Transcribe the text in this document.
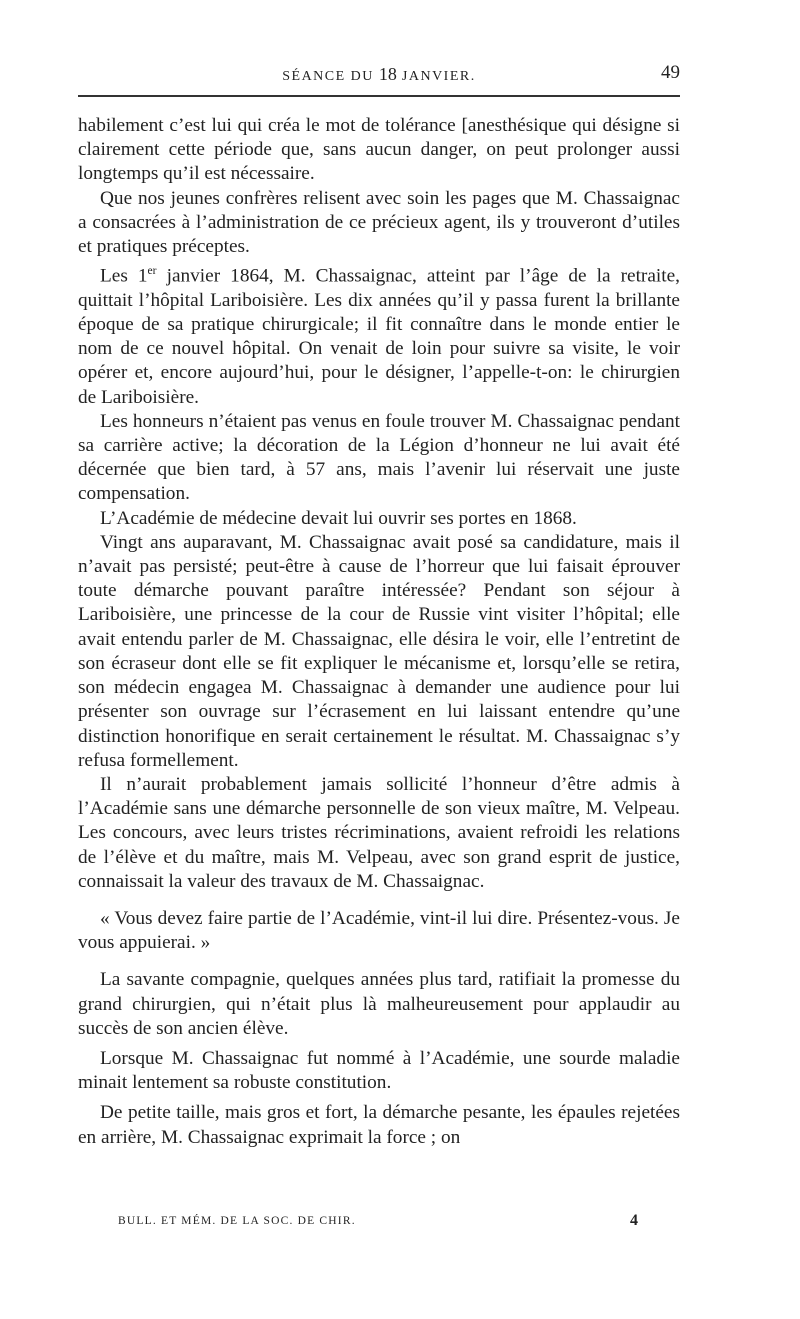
SÉANCE DU 18 JANVIER.	49

habilement c’est lui qui créa le mot de tolérance [anesthésique qui désigne si clairement cette période que, sans aucun danger, on peut prolonger aussi longtemps qu’il est nécessaire.

Que nos jeunes confrères relisent avec soin les pages que M. Chassaignac a consacrées à l’administration de ce précieux agent, ils y trouveront d’utiles et pratiques préceptes.

Les 1er janvier 1864, M. Chassaignac, atteint par l’âge de la retraite, quittait l’hôpital Lariboisière. Les dix années qu’il y passa furent la brillante époque de sa pratique chirurgicale; il fit connaître dans le monde entier le nom de ce nouvel hôpital. On venait de loin pour suivre sa visite, le voir opérer et, encore aujourd’hui, pour le désigner, l’appelle-t-on: le chirurgien de Lariboisière.

Les honneurs n’étaient pas venus en foule trouver M. Chassaignac pendant sa carrière active; la décoration de la Légion d’honneur ne lui avait été décernée que bien tard, à 57 ans, mais l’avenir lui réservait une juste compensation.

L’Académie de médecine devait lui ouvrir ses portes en 1868.

Vingt ans auparavant, M. Chassaignac avait posé sa candidature, mais il n’avait pas persisté; peut-être à cause de l’horreur que lui faisait éprouver toute démarche pouvant paraître intéressée? Pendant son séjour à Lariboisière, une princesse de la cour de Russie vint visiter l’hôpital; elle avait entendu parler de M. Chassaignac, elle désira le voir, elle l’entretint de son écraseur dont elle se fit expliquer le mécanisme et, lorsqu’elle se retira, son médecin engagea M. Chassaignac à demander une audience pour lui présenter son ouvrage sur l’écrasement en lui laissant entendre qu’une distinction honorifique en serait certainement le résultat. M. Chassaignac s’y refusa formellement.

Il n’aurait probablement jamais sollicité l’honneur d’être admis à l’Académie sans une démarche personnelle de son vieux maître, M. Velpeau. Les concours, avec leurs tristes récriminations, avaient refroidi les relations de l’élève et du maître, mais M. Velpeau, avec son grand esprit de justice, connaissait la valeur des travaux de M. Chassaignac.

« Vous devez faire partie de l’Académie, vint-il lui dire. Présentez-vous. Je vous appuierai. »

La savante compagnie, quelques années plus tard, ratifiait la promesse du grand chirurgien, qui n’était plus là malheureusement pour applaudir au succès de son ancien élève.

Lorsque M. Chassaignac fut nommé à l’Académie, une sourde maladie minait lentement sa robuste constitution.

De petite taille, mais gros et fort, la démarche pesante, les épaules rejetées en arrière, M. Chassaignac exprimait la force ; on

BULL. ET MÉM. DE LA SOC. DE CHIR.	4
